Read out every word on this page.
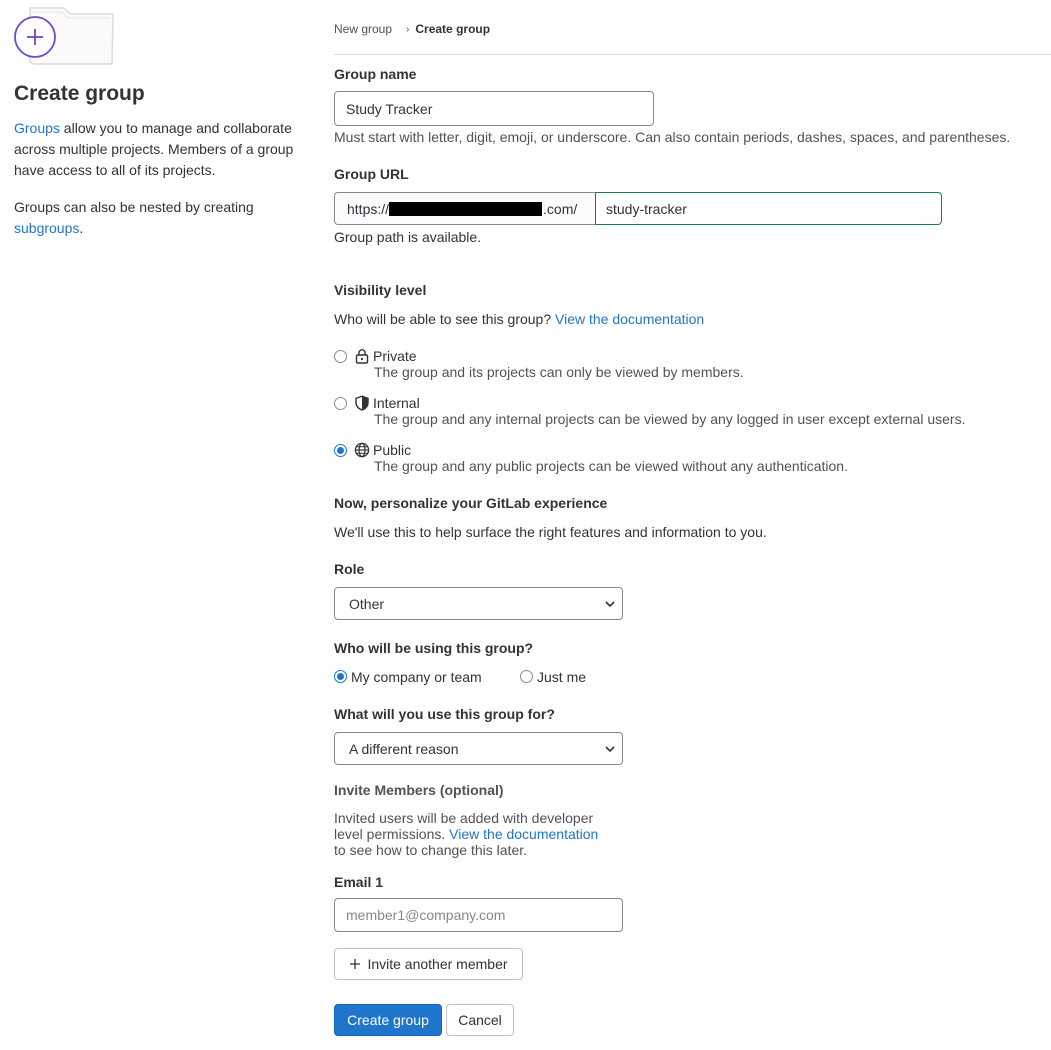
Create group

Groups allow you to manage and collaborate across multiple projects. Members of a group have access to all of its projects.

Groups can also be nested by creating subgroups.

New group › Create group
Group name
Study Tracker
Must start with letter, digit, emoji, or underscore. Can also contain periods, dashes, spaces, and parentheses.
Group URL
https://	.com/	study-tracker
Group path is available.
Visibility level
Who will be able to see this group? View the documentation
Private
The group and its projects can only be viewed by members.
Internal
The group and any internal projects can be viewed by any logged in user except external users.
Public
The group and any public projects can be viewed without any authentication.
Now, personalize your GitLab experience
We'll use this to help surface the right features and information to you.
Role
Other
Who will be using this group?
My company or team	Just me
What will you use this group for?
A different reason
Invite Members (optional)
Invited users will be added with developer
level permissions. View the documentation
to see how to change this later.
Email 1
member1@company.com
Invite another member
Create group	Cancel
